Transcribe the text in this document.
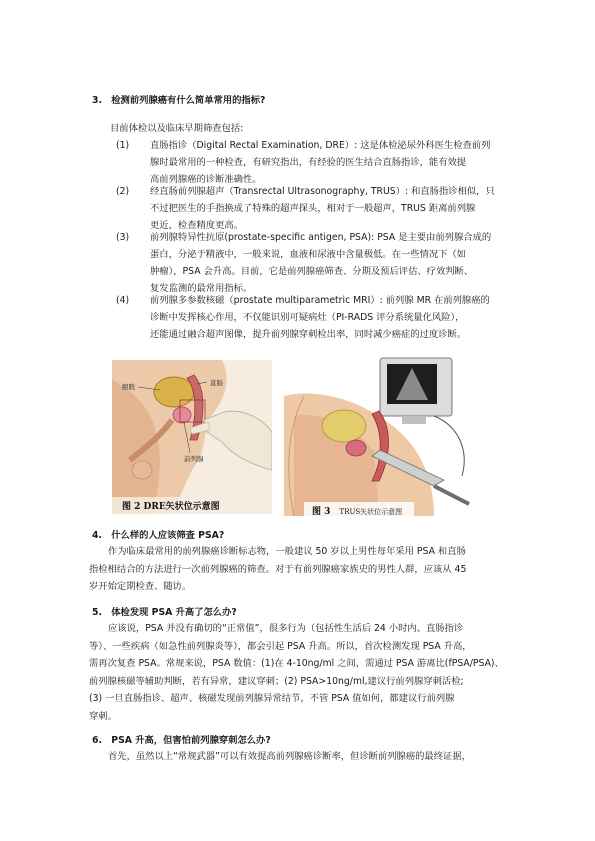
3. 检测前列腺癌有什么简单常用的指标?
目前体检以及临床早期筛查包括:
(1) 直肠指诊（Digital Rectal Examination, DRE）: 这是体检泌尿外科医生检查前列
腺时最常用的一种检查，有研究指出，有经验的医生结合直肠指诊，能有效提
高前列腺癌的诊断准确性。
(2) 经直肠前列腺超声（Transrectal Ultrasonography, TRUS）: 和直肠指诊相似，只
不过把医生的手指换成了特殊的超声探头，相对于一般超声，TRUS 距离前列腺
更近，检查精度更高。
(3) 前列腺特异性抗原(prostate-specific antigen, PSA): PSA 是主要由前列腺合成的
蛋白，分泌于精液中，一般来说，血液和尿液中含量极低。在一些情况下（如
肿瘤），PSA 会升高。目前，它是前列腺癌筛查、分期及预后评估、疗效判断、
复发监测的最常用指标。
(4) 前列腺多参数核磁（prostate multiparametric MRI）: 前列腺 MR 在前列腺癌的
诊断中发挥核心作用，不仅能识别可疑病灶（PI-RADS 评分系统量化风险），
还能通过融合超声图像，提升前列腺穿刺检出率，同时减少癌症的过度诊断。
膀胱	直肠
前列腺
图 2 DRE矢状位示意图	图 3 TRUS矢状位示意图
4. 什么样的人应该筛查 PSA?
作为临床最常用的前列腺癌诊断标志物，一般建议 50 岁以上男性每年采用 PSA 和直肠
指检相结合的方法进行一次前列腺癌的筛查。对于有前列腺癌家族史的男性人群，应该从 45
岁开始定期检查、随访。
5. 体检发现 PSA 升高了怎么办?
应该说，PSA 并没有确切的“正常值”，很多行为（包括性生活后 24 小时内、直肠指诊
等）、一些疾病（如急性前列腺炎等），都会引起 PSA 升高。所以，首次检测发现 PSA 升高，
需再次复查 PSA。常规来说，PSA 数值：(1)在 4-10ng/ml 之间，需通过 PSA 游离比(fPSA/PSA)、
前列腺核磁等辅助判断，若有异常，建议穿刺；(2) PSA>10ng/ml,建议行前列腺穿刺活检;
(3) 一旦直肠指诊、超声、核磁发现前列腺异常结节，不管 PSA 值如何，都建议行前列腺
穿刺。
6. PSA 升高，但害怕前列腺穿刺怎么办?
首先，虽然以上“常规武器”可以有效提高前列腺癌诊断率，但诊断前列腺癌的最终证据，
